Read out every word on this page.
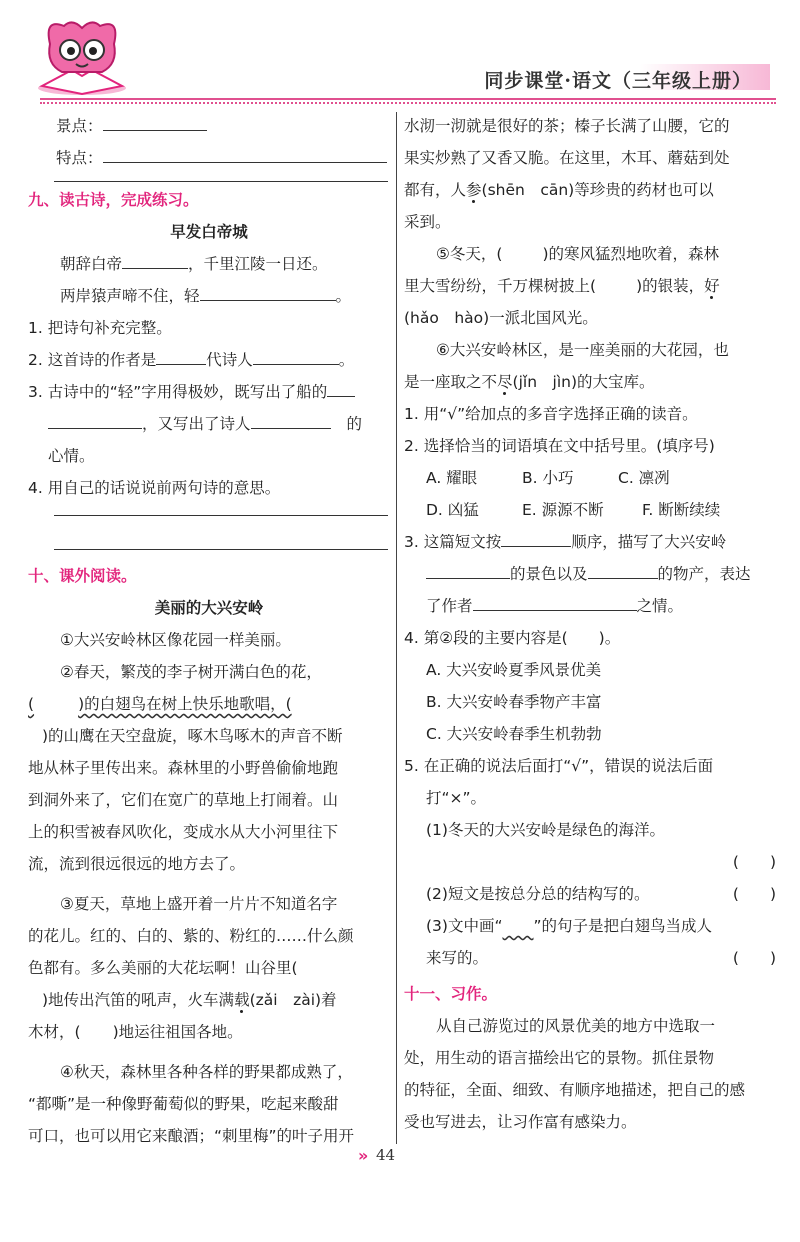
同步课堂·语文（三年级上册）
景点：
特点：
九、读古诗，完成练习。
早发白帝城
朝辞白帝	，千里江陵一日还。
两岸猿声啼不住，轻	。
1. 把诗句补充完整。
2. 这首诗的作者是	代诗人	。
3. 古诗中的“轻”字用得极妙，既写出了船的
，又写出了诗人	的
心情。
4. 用自己的话说说前两句诗的意思。
十、课外阅读。
美丽的大兴安岭
①大兴安岭林区像花园一样美丽。
②春天，繁茂的李子树开满白色的花，
(	)的白翅鸟在树上快乐地歌唱，(
)的山鹰在天空盘旋，啄木鸟啄木的声音不断
地从林子里传出来。森林里的小野兽偷偷地跑
到洞外来了，它们在宽广的草地上打闹着。山
上的积雪被春风吹化，变成水从大小河里往下
流，流到很远很远的地方去了。
③夏天，草地上盛开着一片片不知道名字
的花儿。红的、白的、紫的、粉红的……什么颜
色都有。多么美丽的大花坛啊！山谷里(
)地传出汽笛的吼声，火车满载(zǎi　zài)着
木材，( )地运往祖国各地。
④秋天，森林里各种各样的野果都成熟了，
“都嘶”是一种像野葡萄似的野果，吃起来酸甜
可口，也可以用它来酿酒；“刺里梅”的叶子用开
水沏一沏就是很好的茶；榛子长满了山腰，它的
果实炒熟了又香又脆。在这里，木耳、蘑菇到处
都有，人参(shēn　cān)等珍贵的药材也可以
采到。
⑤冬天，(	)的寒风猛烈地吹着，森林
里大雪纷纷，千万棵树披上(	)的银装，好
(hǎo　hào)一派北国风光。
⑥大兴安岭林区，是一座美丽的大花园，也
是一座取之不尽(jǐn　jìn)的大宝库。
1. 用“√”给加点的多音字选择正确的读音。
2. 选择恰当的词语填在文中括号里。(填序号)
A. 耀眼	B. 小巧	C. 凛冽
D. 凶猛	E. 源源不断 F. 断断续续
3. 这篇短文按	顺序，描写了大兴安岭
的景色以及	的物产，表达
了作者	之情。
4. 第②段的主要内容是(　　)。
A. 大兴安岭夏季风景优美
B. 大兴安岭春季物产丰富
C. 大兴安岭春季生机勃勃
5. 在正确的说法后面打“√”，错误的说法后面
打“×”。
(1)冬天的大兴安岭是绿色的海洋。
(　　)
(2)短文是按总分总的结构写的。	(　　)
(3)文中画“ ”的句子是把白翅鸟当成人
来写的。	(　　)
十一、习作。
从自己游览过的风景优美的地方中选取一
处，用生动的语言描绘出它的景物。抓住景物
的特征，全面、细致、有顺序地描述，把自己的感
受也写进去，让习作富有感染力。
» 44
